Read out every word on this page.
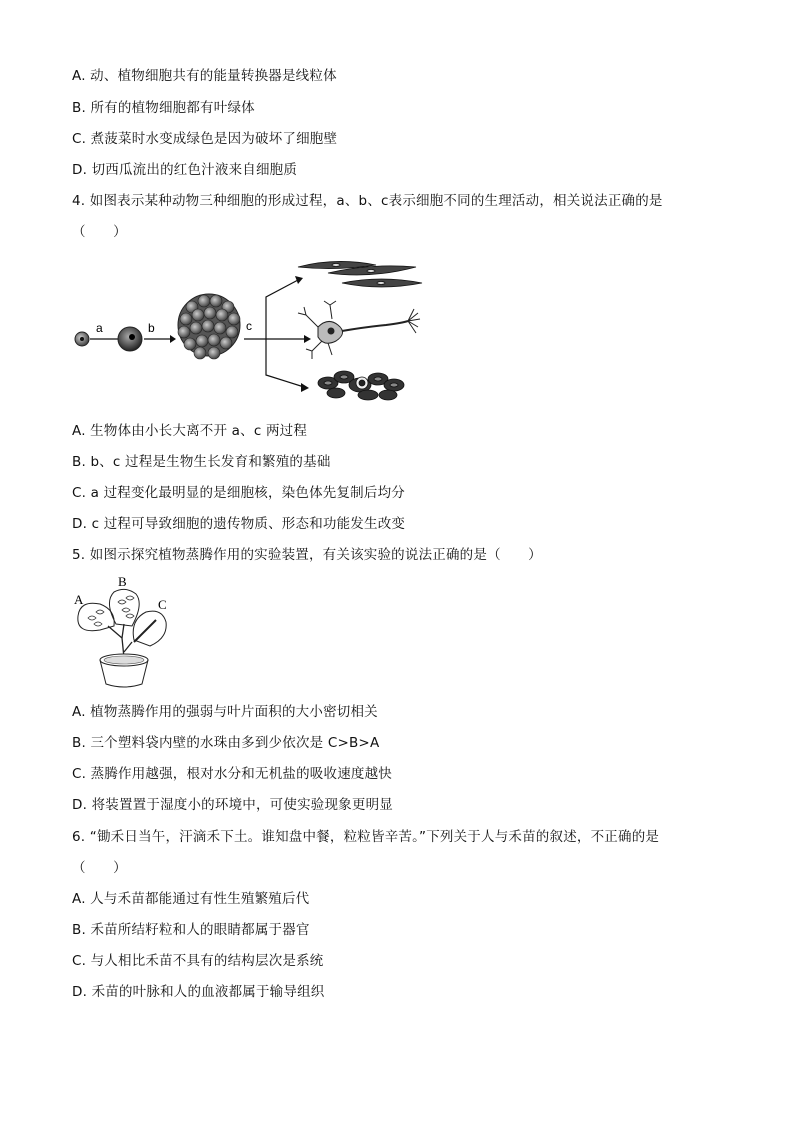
A. 动、植物细胞共有的能量转换器是线粒体
B. 所有的植物细胞都有叶绿体
C. 煮菠菜时水变成绿色是因为破坏了细胞壁
D. 切西瓜流出的红色汁液来自细胞质
4. 如图表示某种动物三种细胞的形成过程，a、b、c表示细胞不同的生理活动，相关说法正确的是
（　　）
a	b	c
A. 生物体由小长大离不开 a、c 两过程
B. b、c 过程是生物生长发育和繁殖的基础
C. a 过程变化最明显的是细胞核，染色体先复制后均分
D. c 过程可导致细胞的遗传物质、形态和功能发生改变
5. 如图示探究植物蒸腾作用的实验装置，有关该实验的说法正确的是（　　）
A
B
C
A. 植物蒸腾作用的强弱与叶片面积的大小密切相关
B. 三个塑料袋内壁的水珠由多到少依次是 C>B>A
C. 蒸腾作用越强，根对水分和无机盐的吸收速度越快
D. 将装置置于湿度小的环境中，可使实验现象更明显
6. “锄禾日当午，汗滴禾下土。谁知盘中餐，粒粒皆辛苦。”下列关于人与禾苗的叙述，不正确的是
（　　）
A. 人与禾苗都能通过有性生殖繁殖后代
B. 禾苗所结籽粒和人的眼睛都属于器官
C. 与人相比禾苗不具有的结构层次是系统
D. 禾苗的叶脉和人的血液都属于输导组织
